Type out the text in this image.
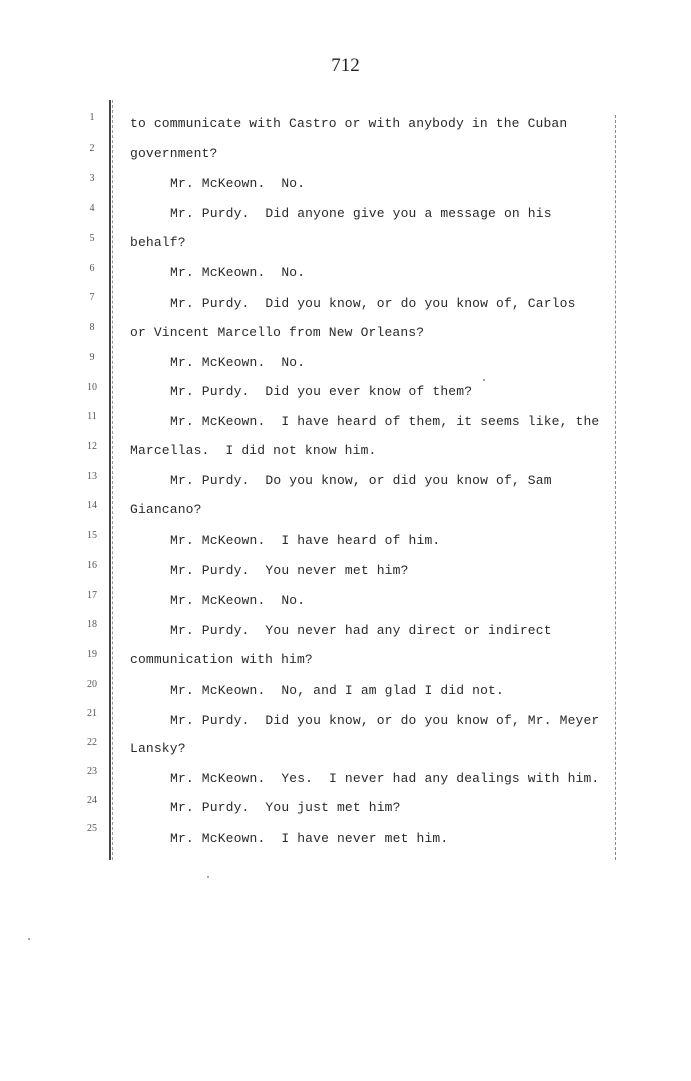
712
1
2
3
4
5
6
7
8
9
10
11
12
13
14
15
16
17
18
19
20
21
22
23
24
25
to communicate with Castro or with anybody in the Cuban
government?
Mr. McKeown.  No.
Mr. Purdy.  Did anyone give you a message on his
behalf?
Mr. McKeown.  No.
Mr. Purdy.  Did you know, or do you know of, Carlos
or Vincent Marcello from New Orleans?
Mr. McKeown.  No.
Mr. Purdy.  Did you ever know of them?
Mr. McKeown.  I have heard of them, it seems like, the
Marcellas.  I did not know him.
Mr. Purdy.  Do you know, or did you know of, Sam
Giancano?
Mr. McKeown.  I have heard of him.
Mr. Purdy.  You never met him?
Mr. McKeown.  No.
Mr. Purdy.  You never had any direct or indirect
communication with him?
Mr. McKeown.  No, and I am glad I did not.
Mr. Purdy.  Did you know, or do you know of, Mr. Meyer
Lansky?
Mr. McKeown.  Yes.  I never had any dealings with him.
Mr. Purdy.  You just met him?
Mr. McKeown.  I have never met him.
